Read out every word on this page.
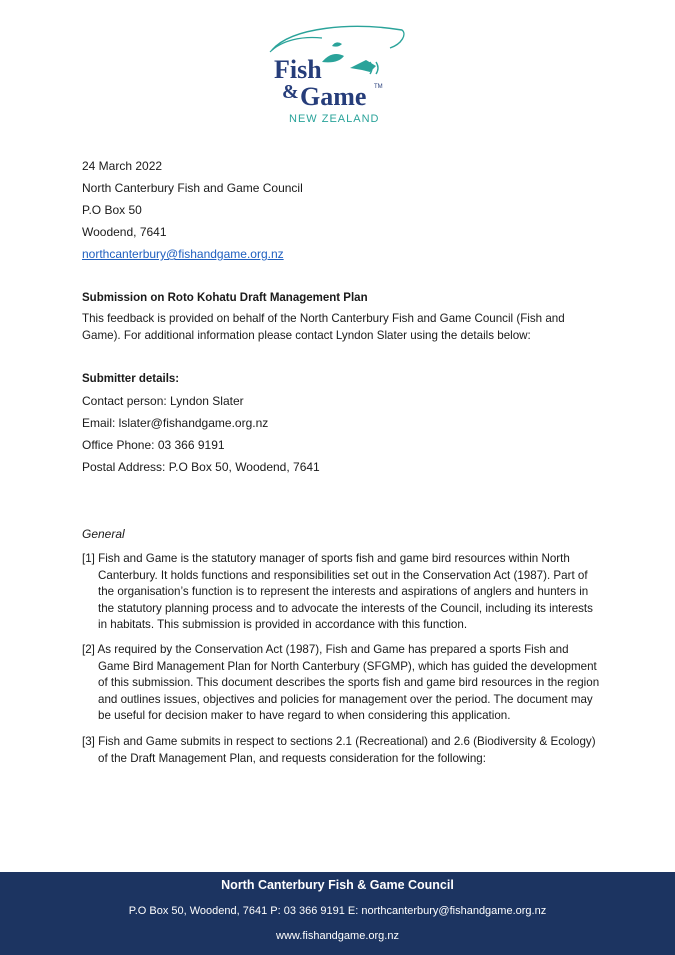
Fish
& Game TM
NEW ZEALAND
24 March 2022
North Canterbury Fish and Game Council
P.O Box 50
Woodend, 7641
northcanterbury@fishandgame.org.nz
Submission on Roto Kohatu Draft Management Plan
This feedback is provided on behalf of the North Canterbury Fish and Game Council (Fish and Game). For additional information please contact Lyndon Slater using the details below:
Submitter details:
Contact person: Lyndon Slater
Email: lslater@fishandgame.org.nz
Office Phone: 03 366 9191
Postal Address: P.O Box 50, Woodend, 7641
General
[1] Fish and Game is the statutory manager of sports fish and game bird resources within North Canterbury. It holds functions and responsibilities set out in the Conservation Act (1987). Part of the organisation’s function is to represent the interests and aspirations of anglers and hunters in the statutory planning process and to advocate the interests of the Council, including its interests in habitats. This submission is provided in accordance with this function.
[2] As required by the Conservation Act (1987), Fish and Game has prepared a sports Fish and Game Bird Management Plan for North Canterbury (SFGMP), which has guided the development of this submission. This document describes the sports fish and game bird resources in the region and outlines issues, objectives and policies for management over the period. The document may be useful for decision maker to have regard to when considering this application.
[3] Fish and Game submits in respect to sections 2.1 (Recreational) and 2.6 (Biodiversity & Ecology) of the Draft Management Plan, and requests consideration for the following:
North Canterbury Fish & Game Council
P.O Box 50, Woodend, 7641 P: 03 366 9191 E: northcanterbury@fishandgame.org.nz
www.fishandgame.org.nz
